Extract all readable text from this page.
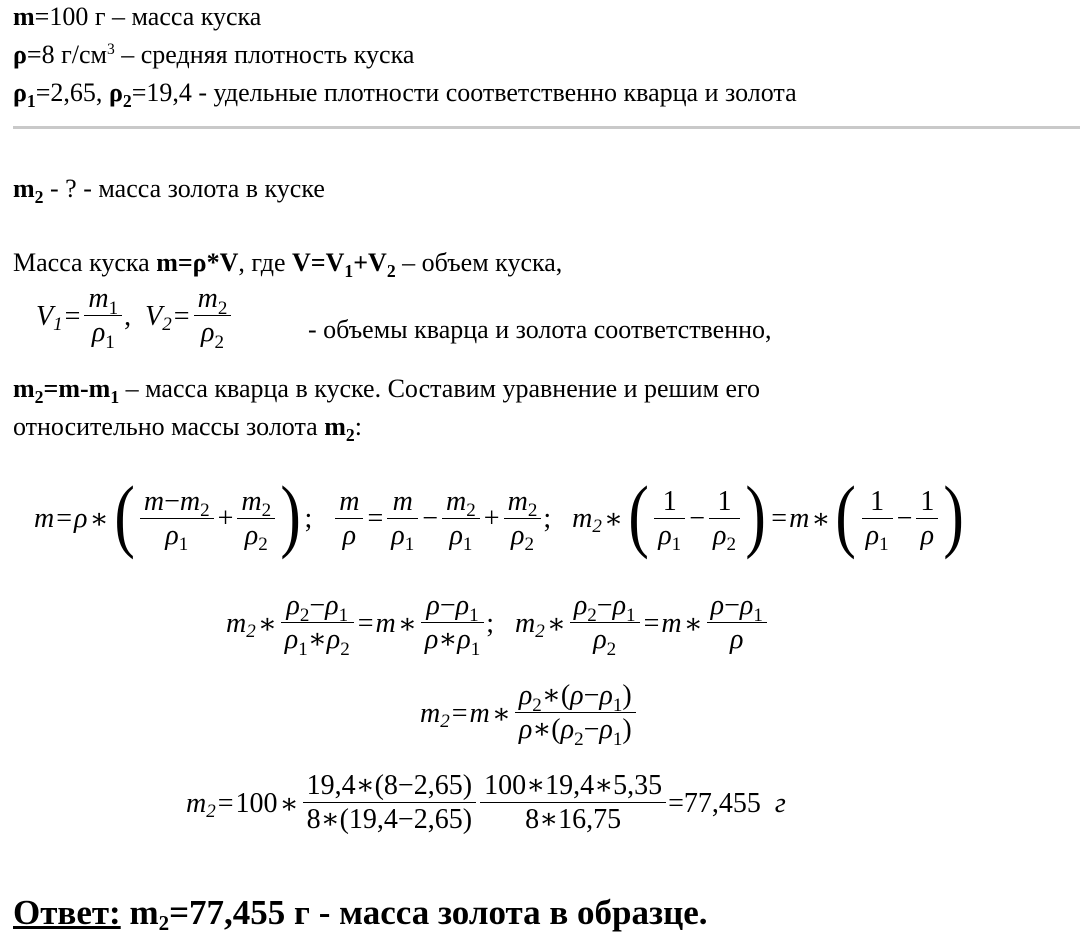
m=100 г – масса куска
ρ=8 $г/см^3$ – средняя плотность куска
$\rho_1=2,65$, $\rho_2=19,4$ - удельные плотности соответственно кварца и золота
$m_2$ - ? - масса золота в куске
Масса куска m=ρ*V, где $V=V_1+V_2$ – объем куска,
$V_1= \frac{m_1}{\rho_1}$ ,  $V_2= \frac{m_2}{\rho_2}$	- объемы кварца и золота соответственно,
$m_2=m-m_1$ – масса кварца в куске. Составим уравнение и решим его
относительно массы золота $m_2$:
m=ρ∗( $\frac{m-m_2}{\rho_1} + \frac{m_2}{\rho_2}$ ) ; $\frac{m}{\rho} = \frac{m}{\rho_1} - \frac{m_2}{\rho_1} + \frac{m_2}{\rho_2}$ ;   $m_2∗( \frac{1}{\rho_1} - \frac{1}{\rho_2}$ ) =m∗( $\frac{1}{\rho_1} - \frac{1}{\rho}$ )
$m_2∗ \frac{\rho_2-\rho_1}{\rho_1∗\rho_2}$ =m∗ $\frac{\rho-\rho_1}{\rho∗\rho_1}$ ;   $m_2∗ \frac{\rho_2-\rho_1}{\rho_2}$ =m∗ $\frac{\rho-\rho_1}{\rho}$
$m_2=m∗ \frac{\rho_2∗(\rho-\rho_1)}{\rho∗(\rho_2-\rho_1)}$
$m_2=100∗ \frac{19,4∗(8-2,65)}{8∗(19,4-2,65)} \frac{100∗19,4∗5,35}{8∗16,75} =77,455$ г
Ответ: m2=77,455 г - масса золота в образце.
